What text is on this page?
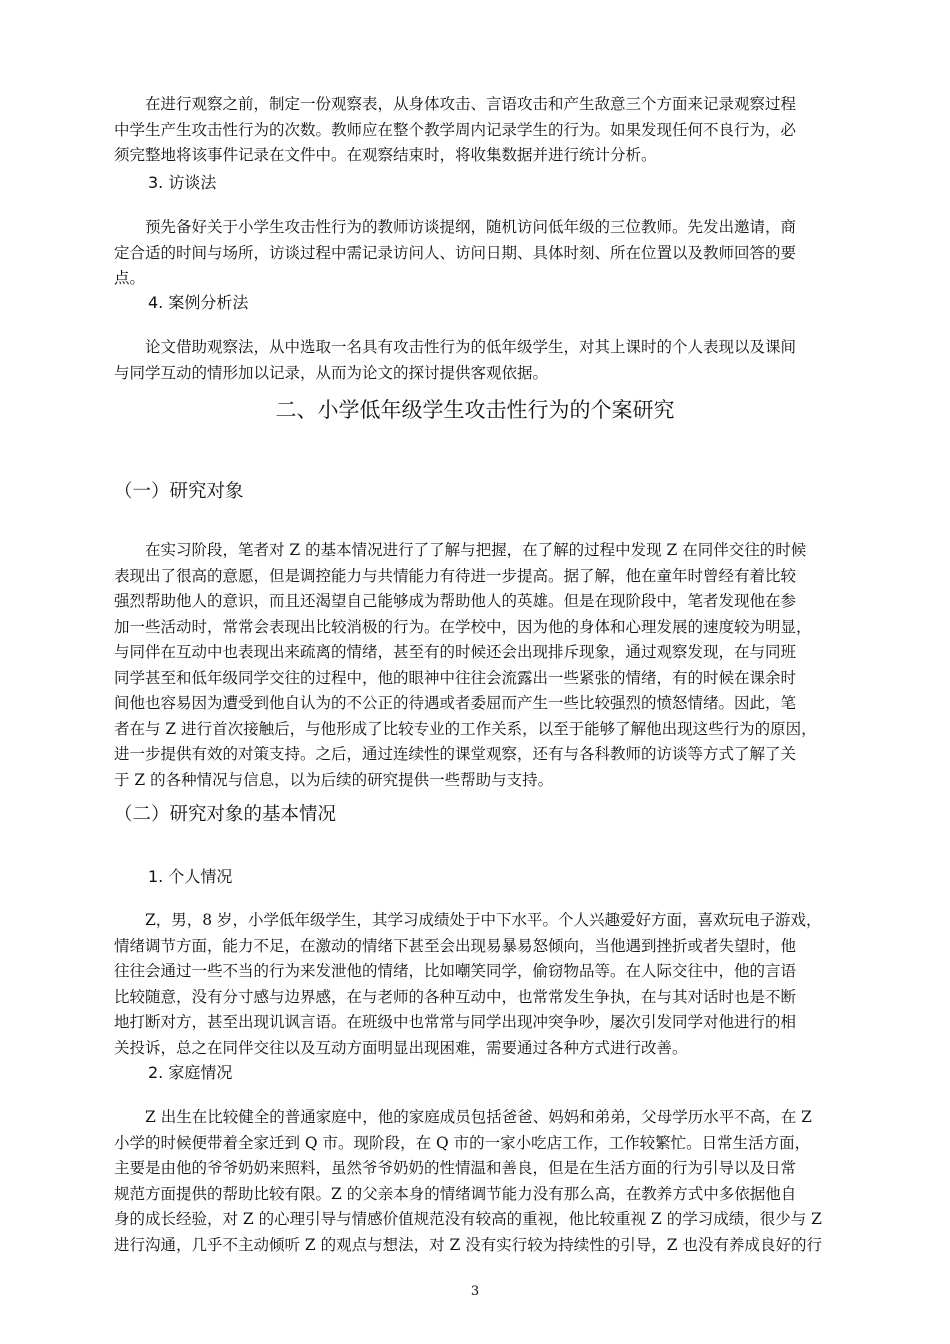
在进行观察之前，制定一份观察表，从身体攻击、言语攻击和产生敌意三个方面来记录观察过程
中学生产生攻击性行为的次数。教师应在整个教学周内记录学生的行为。如果发现任何不良行为，必
须完整地将该事件记录在文件中。在观察结束时，将收集数据并进行统计分析。
3. 访谈法
预先备好关于小学生攻击性行为的教师访谈提纲，随机访问低年级的三位教师。先发出邀请，商
定合适的时间与场所，访谈过程中需记录访问人、访问日期、具体时刻、所在位置以及教师回答的要
点。
4. 案例分析法
论文借助观察法，从中选取一名具有攻击性行为的低年级学生，对其上课时的个人表现以及课间
与同学互动的情形加以记录，从而为论文的探讨提供客观依据。
二、小学低年级学生攻击性行为的个案研究
（一）研究对象
在实习阶段，笔者对 Z 的基本情况进行了了解与把握，在了解的过程中发现 Z 在同伴交往的时候
表现出了很高的意愿，但是调控能力与共情能力有待进一步提高。据了解，他在童年时曾经有着比较
强烈帮助他人的意识，而且还渴望自己能够成为帮助他人的英雄。但是在现阶段中，笔者发现他在参
加一些活动时，常常会表现出比较消极的行为。在学校中，因为他的身体和心理发展的速度较为明显，
与同伴在互动中也表现出来疏离的情绪，甚至有的时候还会出现排斥现象，通过观察发现，在与同班
同学甚至和低年级同学交往的过程中，他的眼神中往往会流露出一些紧张的情绪，有的时候在课余时
间他也容易因为遭受到他自认为的不公正的待遇或者委屈而产生一些比较强烈的愤怒情绪。因此，笔
者在与 Z 进行首次接触后，与他形成了比较专业的工作关系，以至于能够了解他出现这些行为的原因，
进一步提供有效的对策支持。之后，通过连续性的课堂观察，还有与各科教师的访谈等方式了解了关
于 Z 的各种情况与信息，以为后续的研究提供一些帮助与支持。
（二）研究对象的基本情况
1. 个人情况
Z，男，8 岁，小学低年级学生，其学习成绩处于中下水平。个人兴趣爱好方面，喜欢玩电子游戏，
情绪调节方面，能力不足，在激动的情绪下甚至会出现易暴易怒倾向，当他遇到挫折或者失望时，他
往往会通过一些不当的行为来发泄他的情绪，比如嘲笑同学，偷窃物品等。在人际交往中，他的言语
比较随意，没有分寸感与边界感，在与老师的各种互动中，也常常发生争执，在与其对话时也是不断
地打断对方，甚至出现讥讽言语。在班级中也常常与同学出现冲突争吵，屡次引发同学对他进行的相
关投诉，总之在同伴交往以及互动方面明显出现困难，需要通过各种方式进行改善。
2. 家庭情况
Z 出生在比较健全的普通家庭中，他的家庭成员包括爸爸、妈妈和弟弟，父母学历水平不高，在 Z
小学的时候便带着全家迁到 Q 市。现阶段，在 Q 市的一家小吃店工作，工作较繁忙。日常生活方面，
主要是由他的爷爷奶奶来照料，虽然爷爷奶奶的性情温和善良，但是在生活方面的行为引导以及日常
规范方面提供的帮助比较有限。Z 的父亲本身的情绪调节能力没有那么高，在教养方式中多依据他自
身的成长经验，对 Z 的心理引导与情感价值规范没有较高的重视，他比较重视 Z 的学习成绩，很少与 Z
进行沟通，几乎不主动倾听 Z 的观点与想法，对 Z 没有实行较为持续性的引导，Z 也没有养成良好的行
3
